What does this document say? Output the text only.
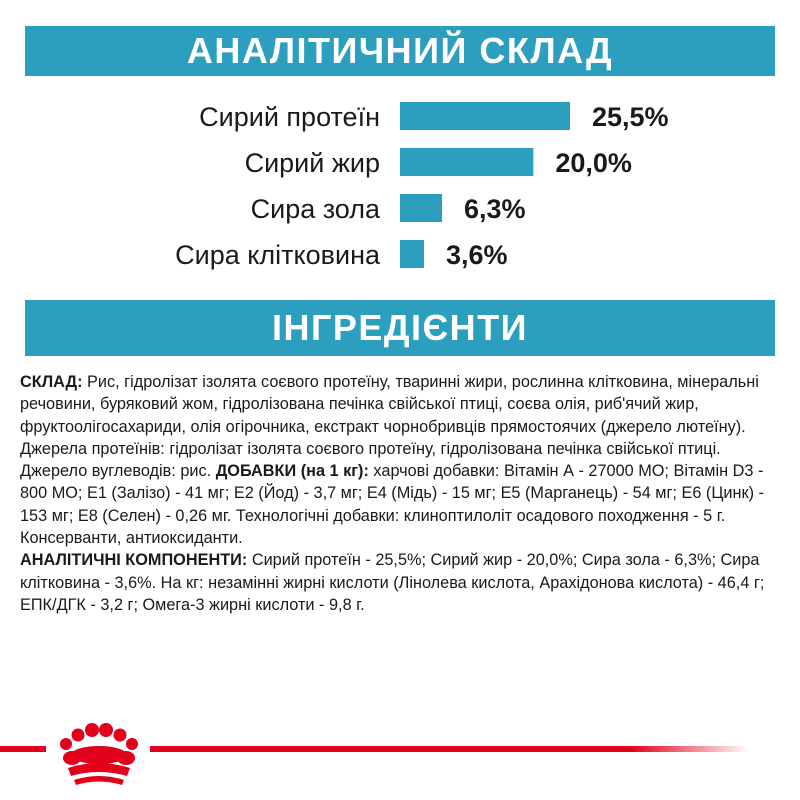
АНАЛІТИЧНИЙ СКЛАД
Сирий протеїн	25,5%
Сирий жир	20,0%
Сира зола	6,3%
Сира клітковина 3,6%
ІНГРЕДІЄНТИ
СКЛАД: Рис, гідролізат ізолята соєвого протеїну, тваринні жири, рослинна клітковина, мінеральні речовини, буряковий жом, гідролізована печінка свійської птиці, соєва олія, риб'ячий жир, фруктоолігосахариди, олія огірочника, екстракт чорнобривців прямостоячих (джерело лютеїну). Джерела протеїнів: гідролізат ізолята соєвого протеїну, гідролізована печінка свійської птиці. Джерело вуглеводів: рис. ДОБАВКИ (на 1 кг): харчові добавки: Вітамін А - 27000 МО; Вітамін D3 - 800 МО; Е1 (Залізо) - 41 мг; Е2 (Йод) - 3,7 мг; Е4 (Мідь) - 15 мг; Е5 (Марганець) - 54 мг; Е6 (Цинк) - 153 мг; Е8 (Селен) - 0,26 мг. Технологічні добавки: клинoптилоліт осадового походження - 5 г. Консерванти, антиоксиданти.
АНАЛІТИЧНІ КОМПОНЕНТИ: Сирий протеїн - 25,5%; Сирий жир - 20,0%; Сира зола - 6,3%; Сира клітковина - 3,6%. На кг: незамінні жирні кислоти (Лінолева кислота, Арахідонова кислота) - 46,4 г; ЕПК/ДГК - 3,2 г; Омега-3 жирні кислоти - 9,8 г.
